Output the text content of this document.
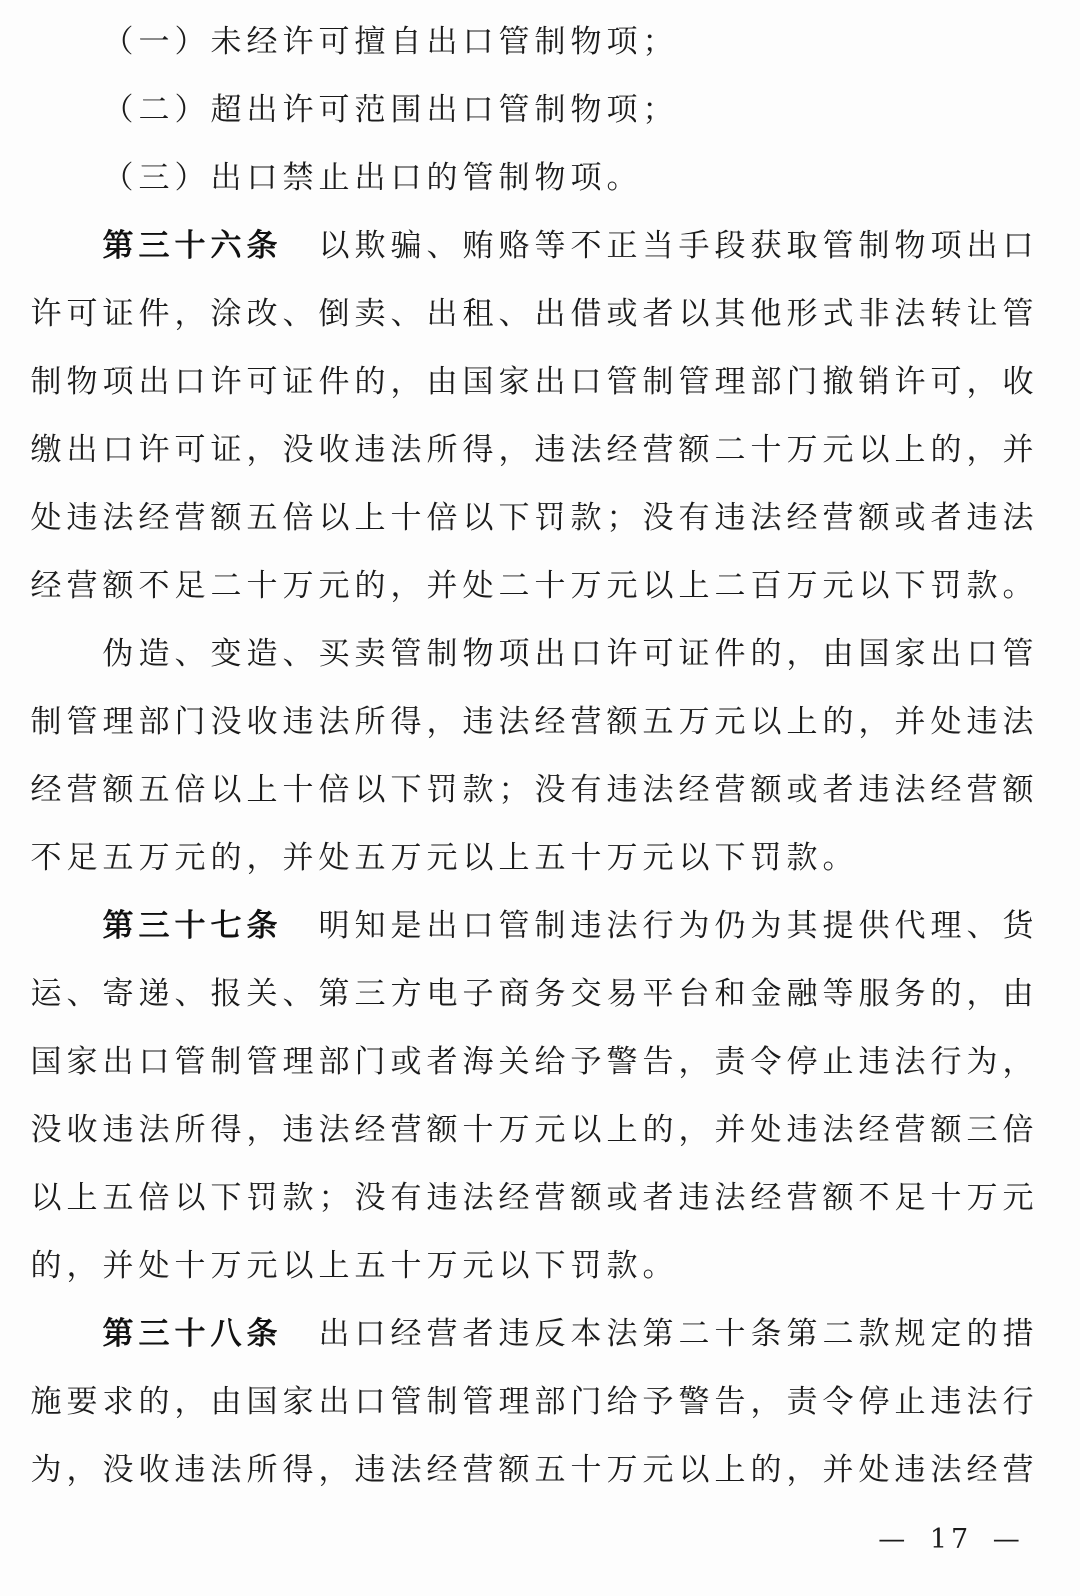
（ 一 ） 未 经 许 可 擅 自 出 口 管 制 物 项 ；
（ 二 ） 超 出 许 可 范 围 出 口 管 制 物 项 ；
（ 三 ） 出 口 禁 止 出 口 的 管 制 物 项 。
第 三 十 六 条 以 欺 骗 、 贿 赂 等 不 正 当 手 段 获 取 管 制 物 项 出 口
许 可 证 件 ， 涂 改 、 倒 卖 、 出 租 、 出 借 或 者 以 其 他 形 式 非 法 转 让 管
制 物 项 出 口 许 可 证 件 的 ， 由 国 家 出 口 管 制 管 理 部 门 撤 销 许 可 ， 收
缴 出 口 许 可 证 ， 没 收 违 法 所 得 ， 违 法 经 营 额 二 十 万 元 以 上 的 ， 并
处 违 法 经 营 额 五 倍 以 上 十 倍 以 下 罚 款 ； 没 有 违 法 经 营 额 或 者 违 法
经 营 额 不 足 二 十 万 元 的 ， 并 处 二 十 万 元 以 上 二 百 万 元 以 下 罚 款 。
伪 造 、 变 造 、 买 卖 管 制 物 项 出 口 许 可 证 件 的 ， 由 国 家 出 口 管
制 管 理 部 门 没 收 违 法 所 得 ， 违 法 经 营 额 五 万 元 以 上 的 ， 并 处 违 法
经 营 额 五 倍 以 上 十 倍 以 下 罚 款 ； 没 有 违 法 经 营 额 或 者 违 法 经 营 额
不 足 五 万 元 的 ， 并 处 五 万 元 以 上 五 十 万 元 以 下 罚 款 。
第 三 十 七 条 明 知 是 出 口 管 制 违 法 行 为 仍 为 其 提 供 代 理 、 货
运 、 寄 递 、 报 关 、 第 三 方 电 子 商 务 交 易 平 台 和 金 融 等 服 务 的 ， 由
国 家 出 口 管 制 管 理 部 门 或 者 海 关 给 予 警 告 ， 责 令 停 止 违 法 行 为 ，
没 收 违 法 所 得 ， 违 法 经 营 额 十 万 元 以 上 的 ， 并 处 违 法 经 营 额 三 倍
以 上 五 倍 以 下 罚 款 ； 没 有 违 法 经 营 额 或 者 违 法 经 营 额 不 足 十 万 元
的 ， 并 处 十 万 元 以 上 五 十 万 元 以 下 罚 款 。
第 三 十 八 条 出 口 经 营 者 违 反 本 法 第 二 十 条 第 二 款 规 定 的 措
施 要 求 的 ， 由 国 家 出 口 管 制 管 理 部 门 给 予 警 告 ， 责 令 停 止 违 法 行
为 ， 没 收 违 法 所 得 ， 违 法 经 营 额 五 十 万 元 以 上 的 ， 并 处 违 法 经 营
— 17 —
